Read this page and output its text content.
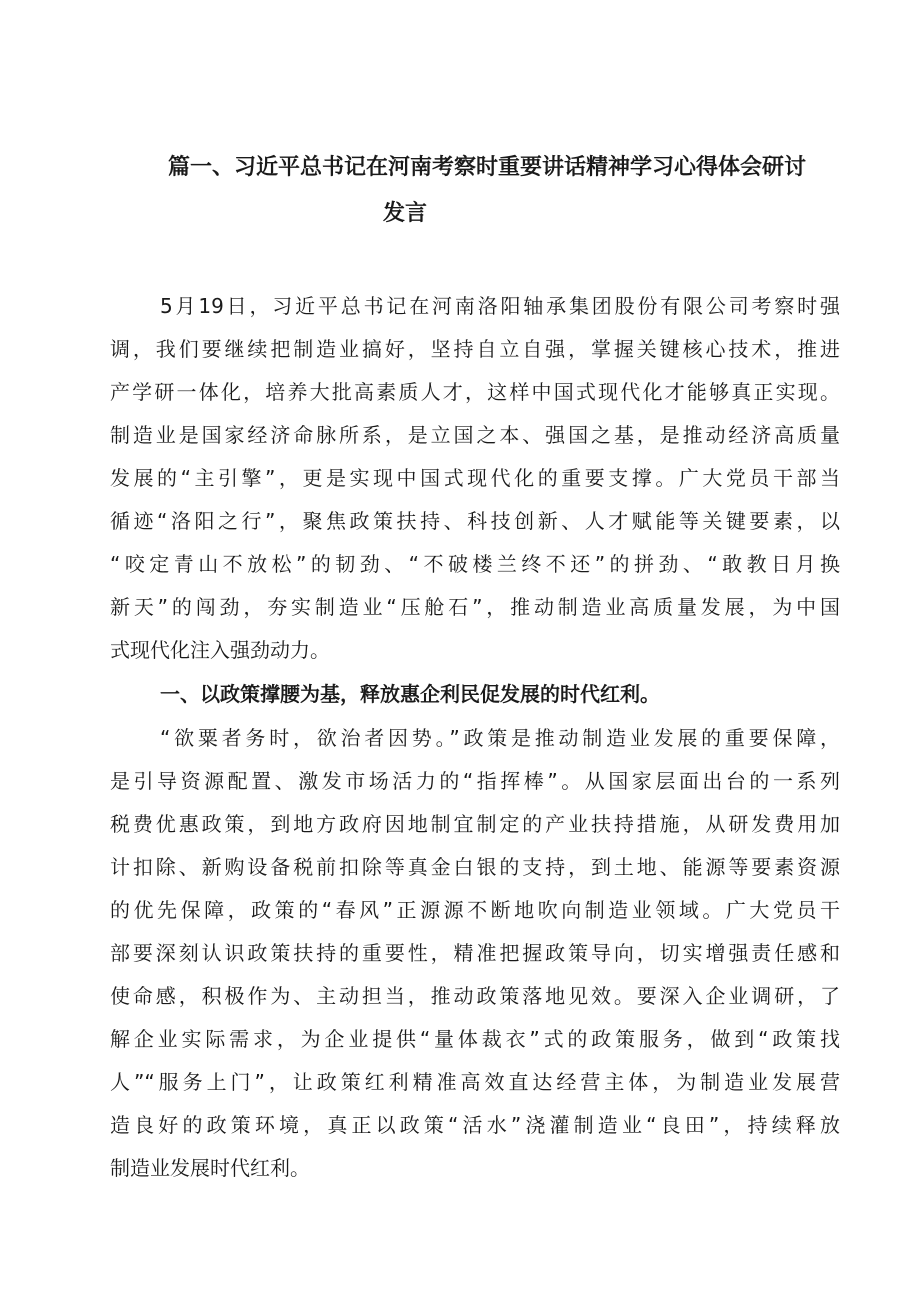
篇一、习近平总书记在河南考察时重要讲话精神学习心得体会研讨
发言
5月19日，习近平总书记在河南洛阳轴承集团股份有限公司考察时强
调，我们要继续把制造业搞好，坚持自立自强，掌握关键核心技术，推进
产学研一体化，培养大批高素质人才，这样中国式现代化才能够真正实现。
制造业是国家经济命脉所系，是立国之本、强国之基，是推动经济高质量
发展的“主引擎”，更是实现中国式现代化的重要支撑。广大党员干部当
循迹“洛阳之行”，聚焦政策扶持、科技创新、人才赋能等关键要素，以
“咬定青山不放松”的韧劲、“不破楼兰终不还”的拼劲、“敢教日月换
新天”的闯劲，夯实制造业“压舱石”，推动制造业高质量发展，为中国
式现代化注入强劲动力。
一、以政策撑腰为基，释放惠企利民促发展的时代红利。
“欲粟者务时，欲治者因势。”政策是推动制造业发展的重要保障，
是引导资源配置、激发市场活力的“指挥棒”。从国家层面出台的一系列
税费优惠政策，到地方政府因地制宜制定的产业扶持措施，从研发费用加
计扣除、新购设备税前扣除等真金白银的支持，到土地、能源等要素资源
的优先保障，政策的“春风”正源源不断地吹向制造业领域。广大党员干
部要深刻认识政策扶持的重要性，精准把握政策导向，切实增强责任感和
使命感，积极作为、主动担当，推动政策落地见效。要深入企业调研，了
解企业实际需求，为企业提供“量体裁衣”式的政策服务，做到“政策找
人”“服务上门”，让政策红利精准高效直达经营主体，为制造业发展营
造良好的政策环境，真正以政策“活水”浇灌制造业“良田”，持续释放
制造业发展时代红利。
